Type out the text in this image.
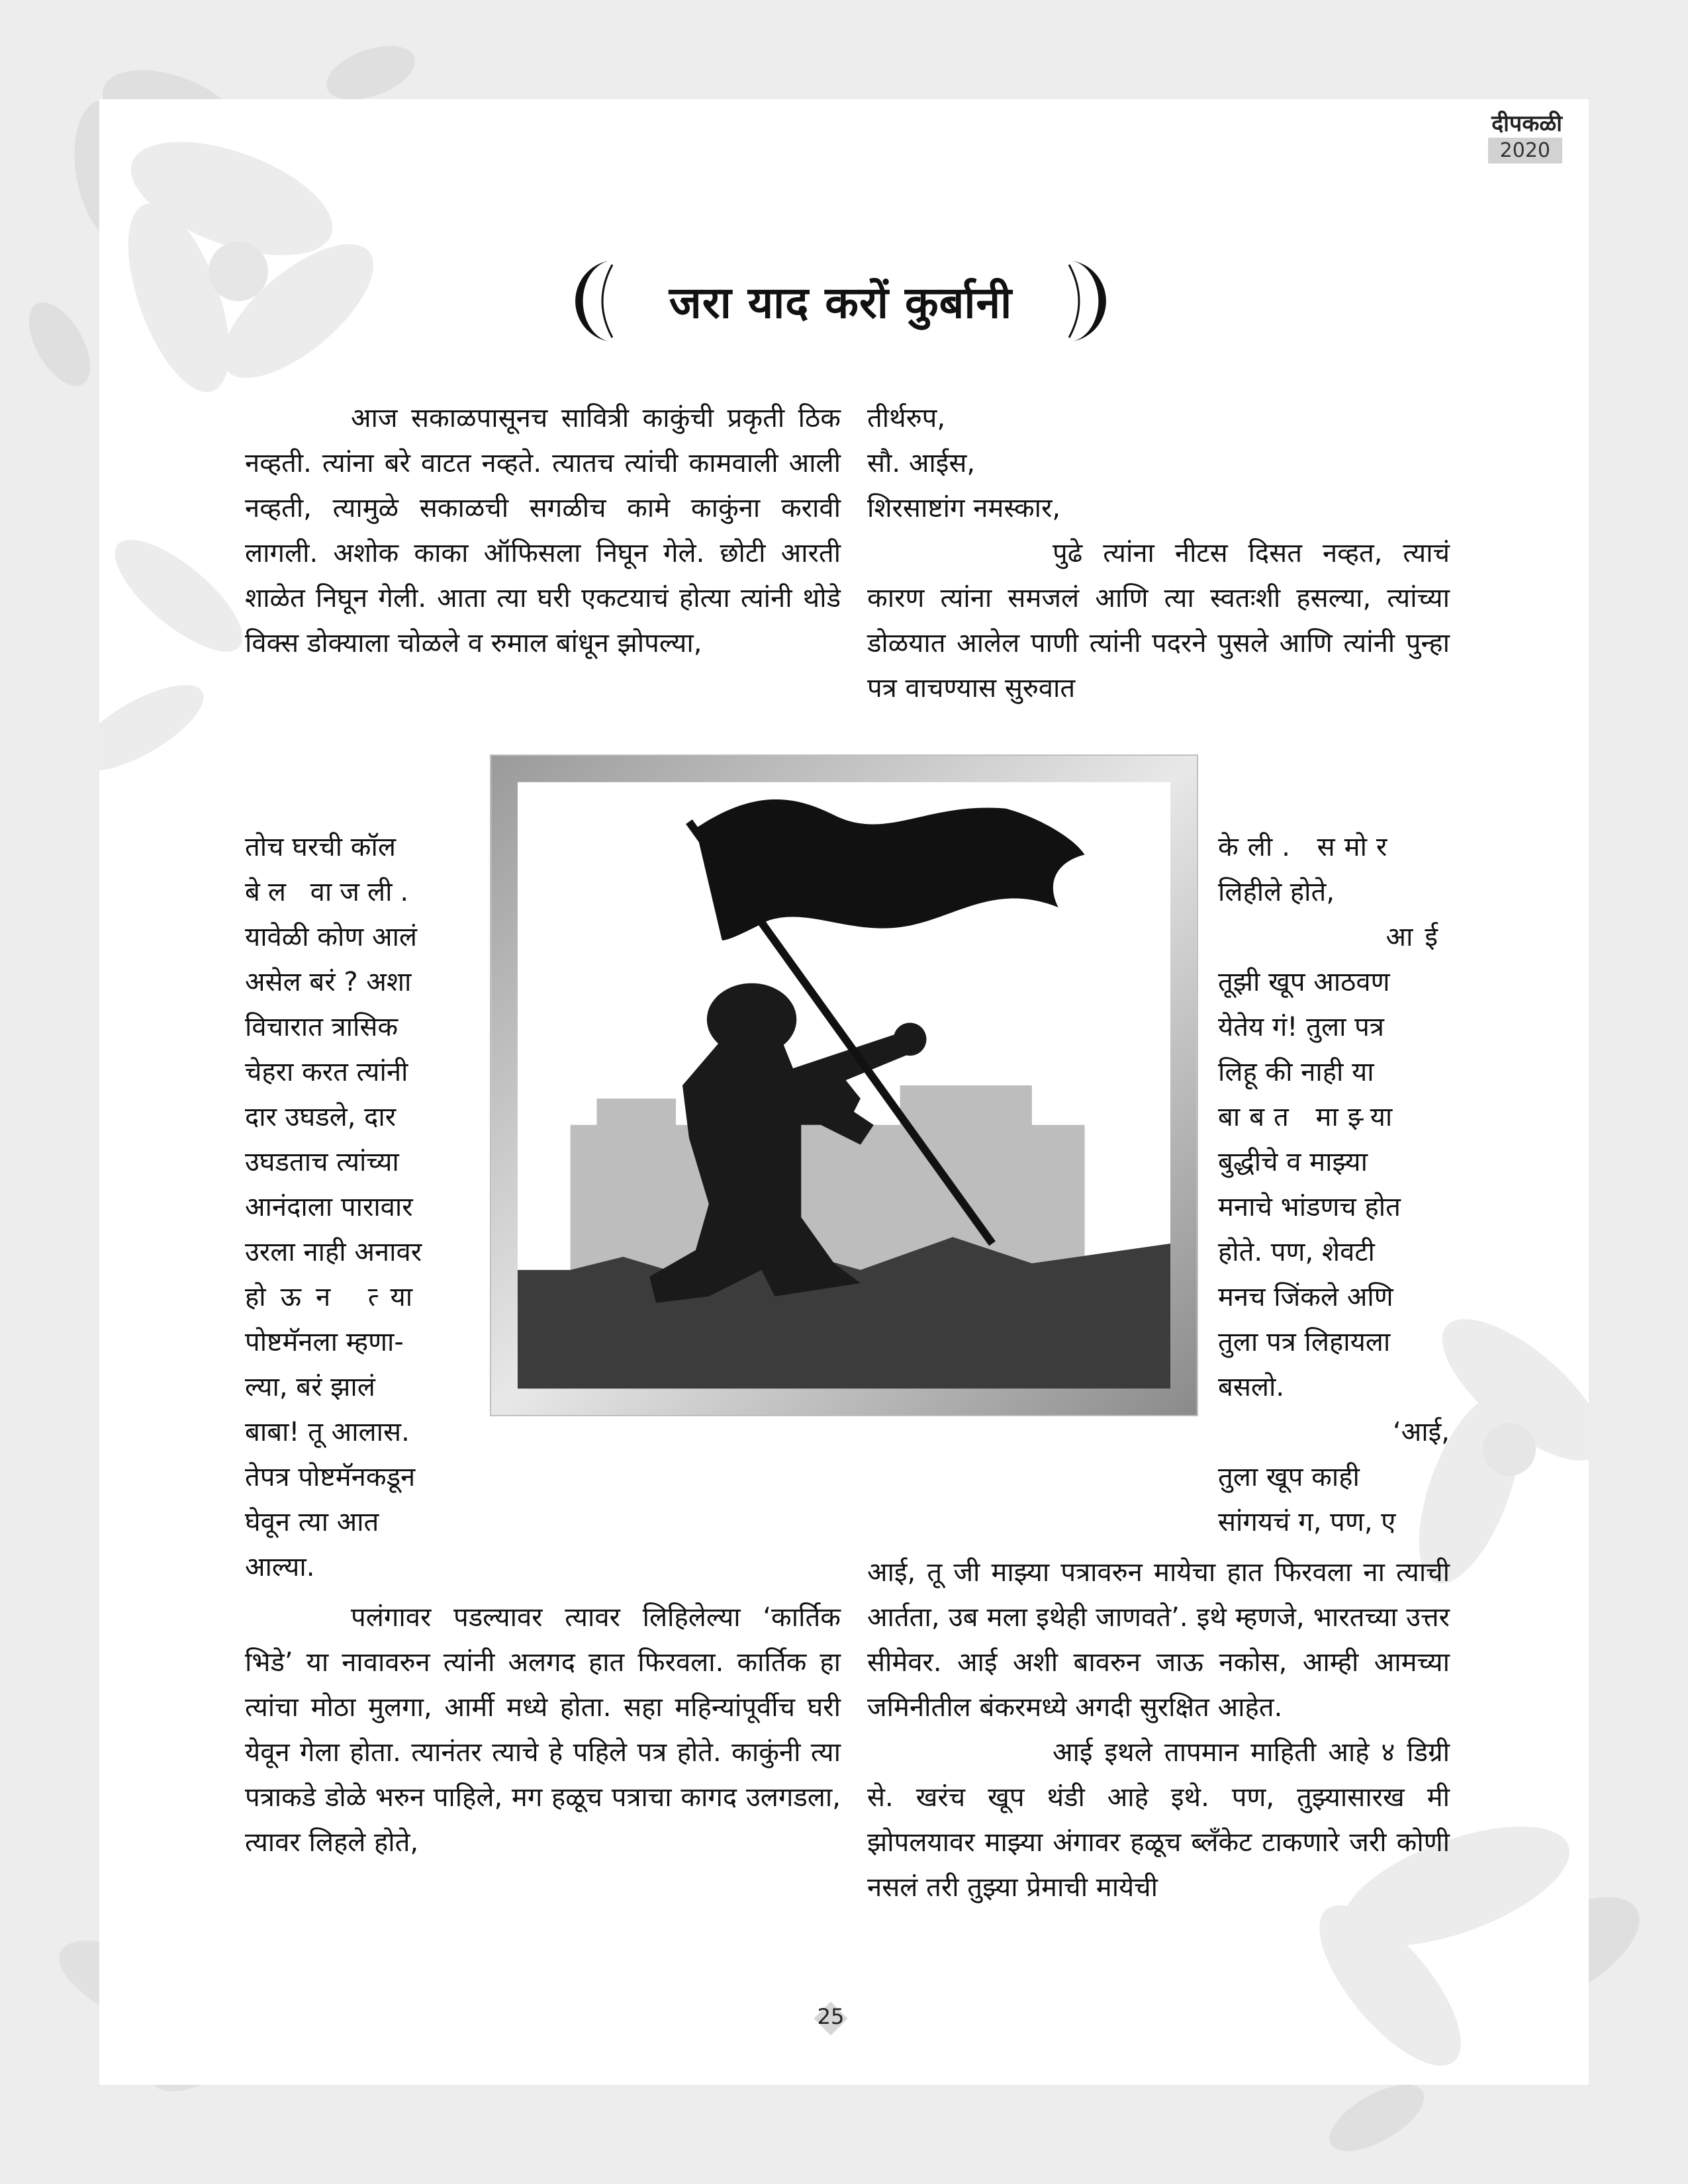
दीपकळी
2020
जरा याद करों कुर्बानी

आज सकाळपासूनच सावित्री काकुंची प्रकृती ठिक नव्हती. त्यांना बरे वाटत नव्हते. त्यातच त्यांची कामवाली आली नव्हती, त्यामुळे सकाळची सगळीच कामे काकुंना करावी लागली. अशोक काका ऑफिसला निघून गेले. छोटी आरती शाळेत निघून गेली. आता त्या घरी एकटयाचं होत्या त्यांनी थोडे विक्स डोक्याला चोळले व रुमाल बांधून झोपल्या,

तोच घरची कॉल

बेल वाजली.

यावेळी कोण आलं

असेल बरं ? अशा

विचारात त्रासिक

चेहरा करत त्यांनी

दार उघडले, दार

उघडताच त्यांच्या

आनंदाला पारावार

उरला नाही अनावर

होऊन त्या

पोष्टमॅनला म्हणा-

ल्या, बरं झालं

बाबा! तू आलास.

तेपत्र पोष्टमॅनकडून

घेवून त्या आत

आल्या.

पलंगावर पडल्यावर त्यावर लिहिलेल्या ‘कार्तिक भिडे’ या नावावरुन त्यांनी अलगद हात फिरवला. कार्तिक हा त्यांचा मोठा मुलगा, आर्मी मध्ये होता. सहा महिन्यांपूर्वीच घरी येवून गेला होता. त्यानंतर त्याचे हे पहिले पत्र होते. काकुंनी त्या पत्राकडे डोळे भरुन पाहिले, मग हळूच पत्राचा कागद उलगडला, त्यावर लिहले होते,

तीर्थरुप,

सौ. आईस,

शिरसाष्टांग नमस्कार,

पुढे त्यांना नीटस दिसत नव्हत, त्याचं कारण त्यांना समजलं आणि त्या स्वतःशी हसल्या, त्यांच्या डोळयात आलेल पाणी त्यांनी पदरने पुसले आणि त्यांनी पुन्हा पत्र वाचण्यास सुरुवात

केली. समोर

लिहीले होते,

आई

तूझी खूप आठवण

येतेय गं! तुला पत्र

लिहू की नाही या

बाबत माझ्या

बुद्धीचे व माझ्या

मनाचे भांडणच होत

होते. पण, शेवटी

मनच जिंकले अणि

तुला पत्र लिहायला

बसलो.

‘आई,

तुला खूप काही

सांगयचं ग, पण, ए

आई, तू जी माझ्या पत्रावरुन मायेचा हात फिरवला ना त्याची आर्तता, उब मला इथेही जाणवते’. इथे म्हणजे, भारतच्या उत्तर सीमेवर. आई अशी बावरुन जाऊ नकोस, आम्ही आमच्या जमिनीतील बंकरमध्ये अगदी सुरक्षित आहेत.

आई इथले तापमान माहिती आहे ४ डिग्री से. खरंच खूप थंडी आहे इथे. पण, तुझ्यासारख मी झोपलयावर माझ्या अंगावर हळूच ब्लॅंकेट टाकणारे जरी कोणी नसलं तरी तुझ्या प्रेमाची मायेची

25
